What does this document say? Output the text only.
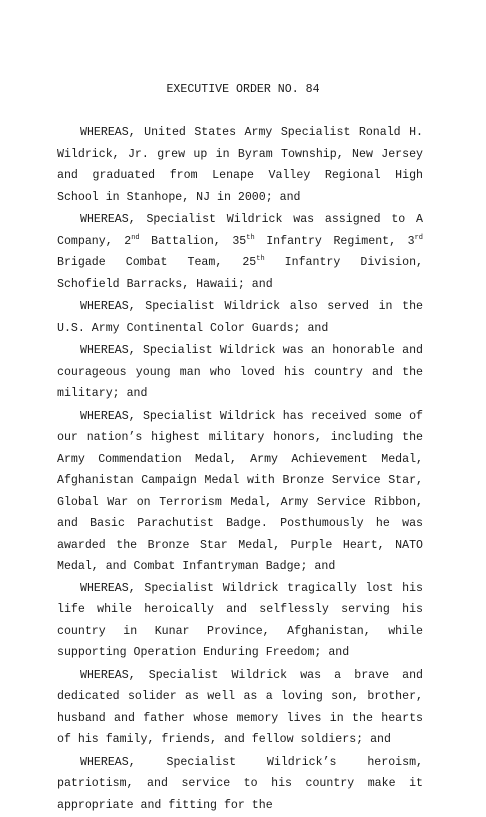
EXECUTIVE ORDER NO. 84

WHEREAS, United States Army Specialist Ronald H. Wildrick, Jr. grew up in Byram Township, New Jersey and graduated from Lenape Valley Regional High School in Stanhope, NJ in 2000; and

WHEREAS, Specialist Wildrick was assigned to A Company, 2nd Battalion, 35th Infantry Regiment, 3rd Brigade Combat Team, 25th Infantry Division, Schofield Barracks, Hawaii; and

WHEREAS, Specialist Wildrick also served in the U.S. Army Continental Color Guards; and

WHEREAS, Specialist Wildrick was an honorable and courageous young man who loved his country and the military; and

WHEREAS, Specialist Wildrick has received some of our nation’s highest military honors, including the Army Commendation Medal, Army Achievement Medal, Afghanistan Campaign Medal with Bronze Service Star, Global War on Terrorism Medal, Army Service Ribbon, and Basic Parachutist Badge. Posthumously he was awarded the Bronze Star Medal, Purple Heart, NATO Medal, and Combat Infantryman Badge; and

WHEREAS, Specialist Wildrick tragically lost his life while heroically and selflessly serving his country in Kunar Province, Afghanistan, while supporting Operation Enduring Freedom; and

WHEREAS, Specialist Wildrick was a brave and dedicated solider as well as a loving son, brother, husband and father whose memory lives in the hearts of his family, friends, and fellow soldiers; and

WHEREAS, Specialist Wildrick’s heroism, patriotism, and service to his country make it appropriate and fitting for the
